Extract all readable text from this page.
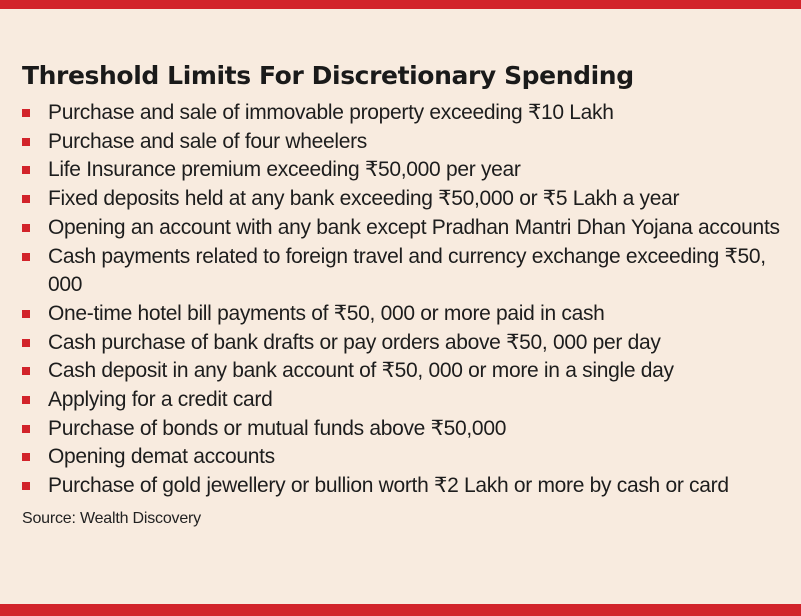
Threshold Limits For Discretionary Spending
Purchase and sale of immovable property exceeding ₹10 Lakh
Purchase and sale of four wheelers
Life Insurance premium exceeding ₹50,000 per year
Fixed deposits held at any bank exceeding ₹50,000 or ₹5 Lakh a year
Opening an account with any bank except Pradhan Mantri Dhan Yojana accounts
Cash payments related to foreign travel and currency exchange exceeding ₹50, 000
One-time hotel bill payments of ₹50, 000 or more paid in cash
Cash purchase of bank drafts or pay orders above ₹50, 000 per day
Cash deposit in any bank account of ₹50, 000 or more in a single day
Applying for a credit card
Purchase of bonds or mutual funds above ₹50,000
Opening demat accounts
Purchase of gold jewellery or bullion worth ₹2 Lakh or more by cash or card
Source: Wealth Discovery
